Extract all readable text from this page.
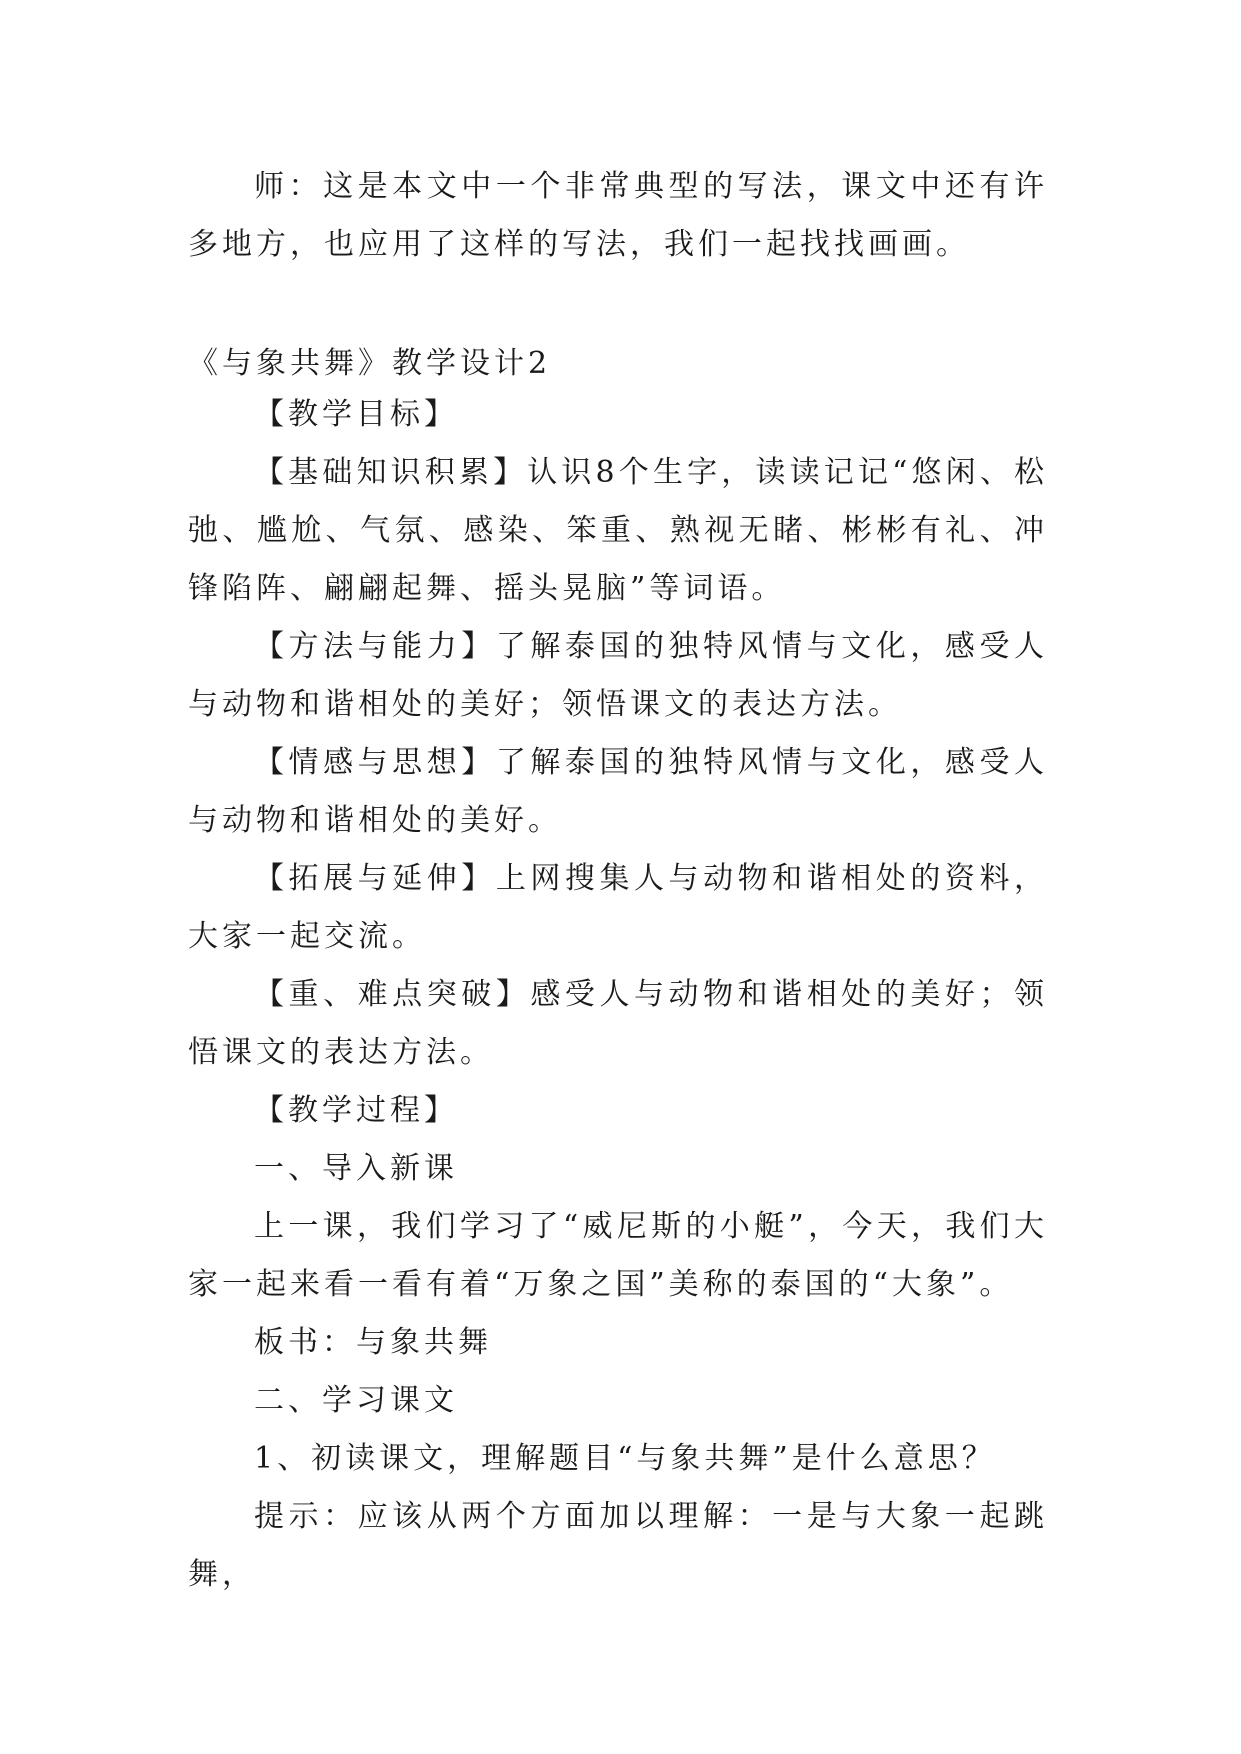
师：这是本文中一个非常典型的写法，课文中还有许多地方，也应用了这样的写法，我们一起找找画画。

《与象共舞》教学设计2

【教学目标】

【基础知识积累】认识8个生字，读读记记“悠闲、松弛、尴尬、气氛、感染、笨重、熟视无睹、彬彬有礼、冲锋陷阵、翩翩起舞、摇头晃脑”等词语。

【方法与能力】了解泰国的独特风情与文化，感受人与动物和谐相处的美好；领悟课文的表达方法。

【情感与思想】了解泰国的独特风情与文化，感受人与动物和谐相处的美好。

【拓展与延伸】上网搜集人与动物和谐相处的资料，大家一起交流。

【重、难点突破】感受人与动物和谐相处的美好；领悟课文的表达方法。

【教学过程】

一、导入新课

上一课，我们学习了“威尼斯的小艇”，今天，我们大家一起来看一看有着“万象之国”美称的泰国的“大象”。

板书：与象共舞

二、学习课文

1、初读课文，理解题目“与象共舞”是什么意思？

提示：应该从两个方面加以理解：一是与大象一起跳舞，
